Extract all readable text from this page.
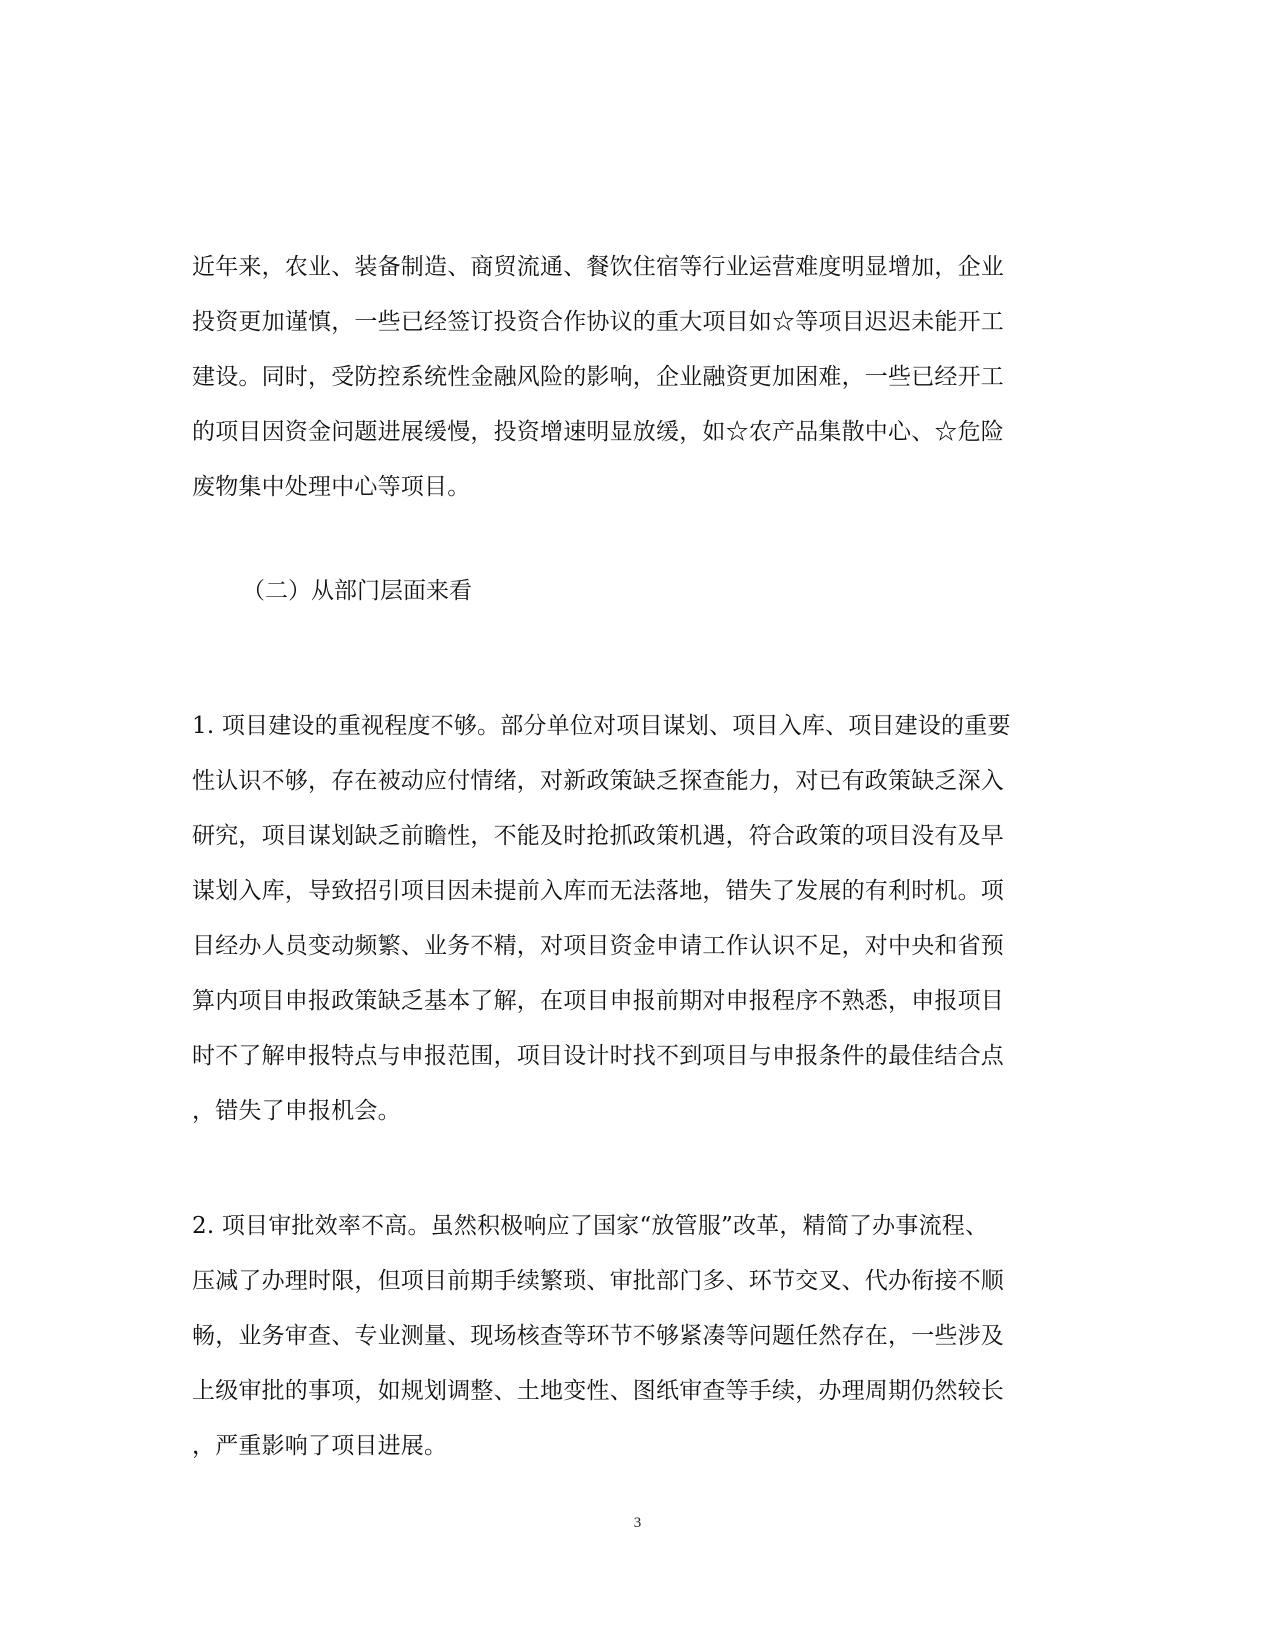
近年来，农业、装备制造、商贸流通、餐饮住宿等行业运营难度明显增加，企业
投资更加谨慎，一些已经签订投资合作协议的重大项目如☆等项目迟迟未能开工
建设。同时，受防控系统性金融风险的影响，企业融资更加困难，一些已经开工
的项目因资金问题进展缓慢，投资增速明显放缓，如☆农产品集散中心、☆危险
废物集中处理中心等项目。
（二）从部门层面来看
1. 项目建设的重视程度不够。部分单位对项目谋划、项目入库、项目建设的重要
性认识不够，存在被动应付情绪，对新政策缺乏探查能力，对已有政策缺乏深入
研究，项目谋划缺乏前瞻性，不能及时抢抓政策机遇，符合政策的项目没有及早
谋划入库，导致招引项目因未提前入库而无法落地，错失了发展的有利时机。项
目经办人员变动频繁、业务不精，对项目资金申请工作认识不足，对中央和省预
算内项目申报政策缺乏基本了解，在项目申报前期对申报程序不熟悉，申报项目
时不了解申报特点与申报范围，项目设计时找不到项目与申报条件的最佳结合点
，错失了申报机会。
2. 项目审批效率不高。虽然积极响应了国家“放管服”改革，精简了办事流程、
压减了办理时限，但项目前期手续繁琐、审批部门多、环节交叉、代办衔接不顺
畅，业务审查、专业测量、现场核查等环节不够紧凑等问题任然存在，一些涉及
上级审批的事项，如规划调整、土地变性、图纸审查等手续，办理周期仍然较长
，严重影响了项目进展。
3
